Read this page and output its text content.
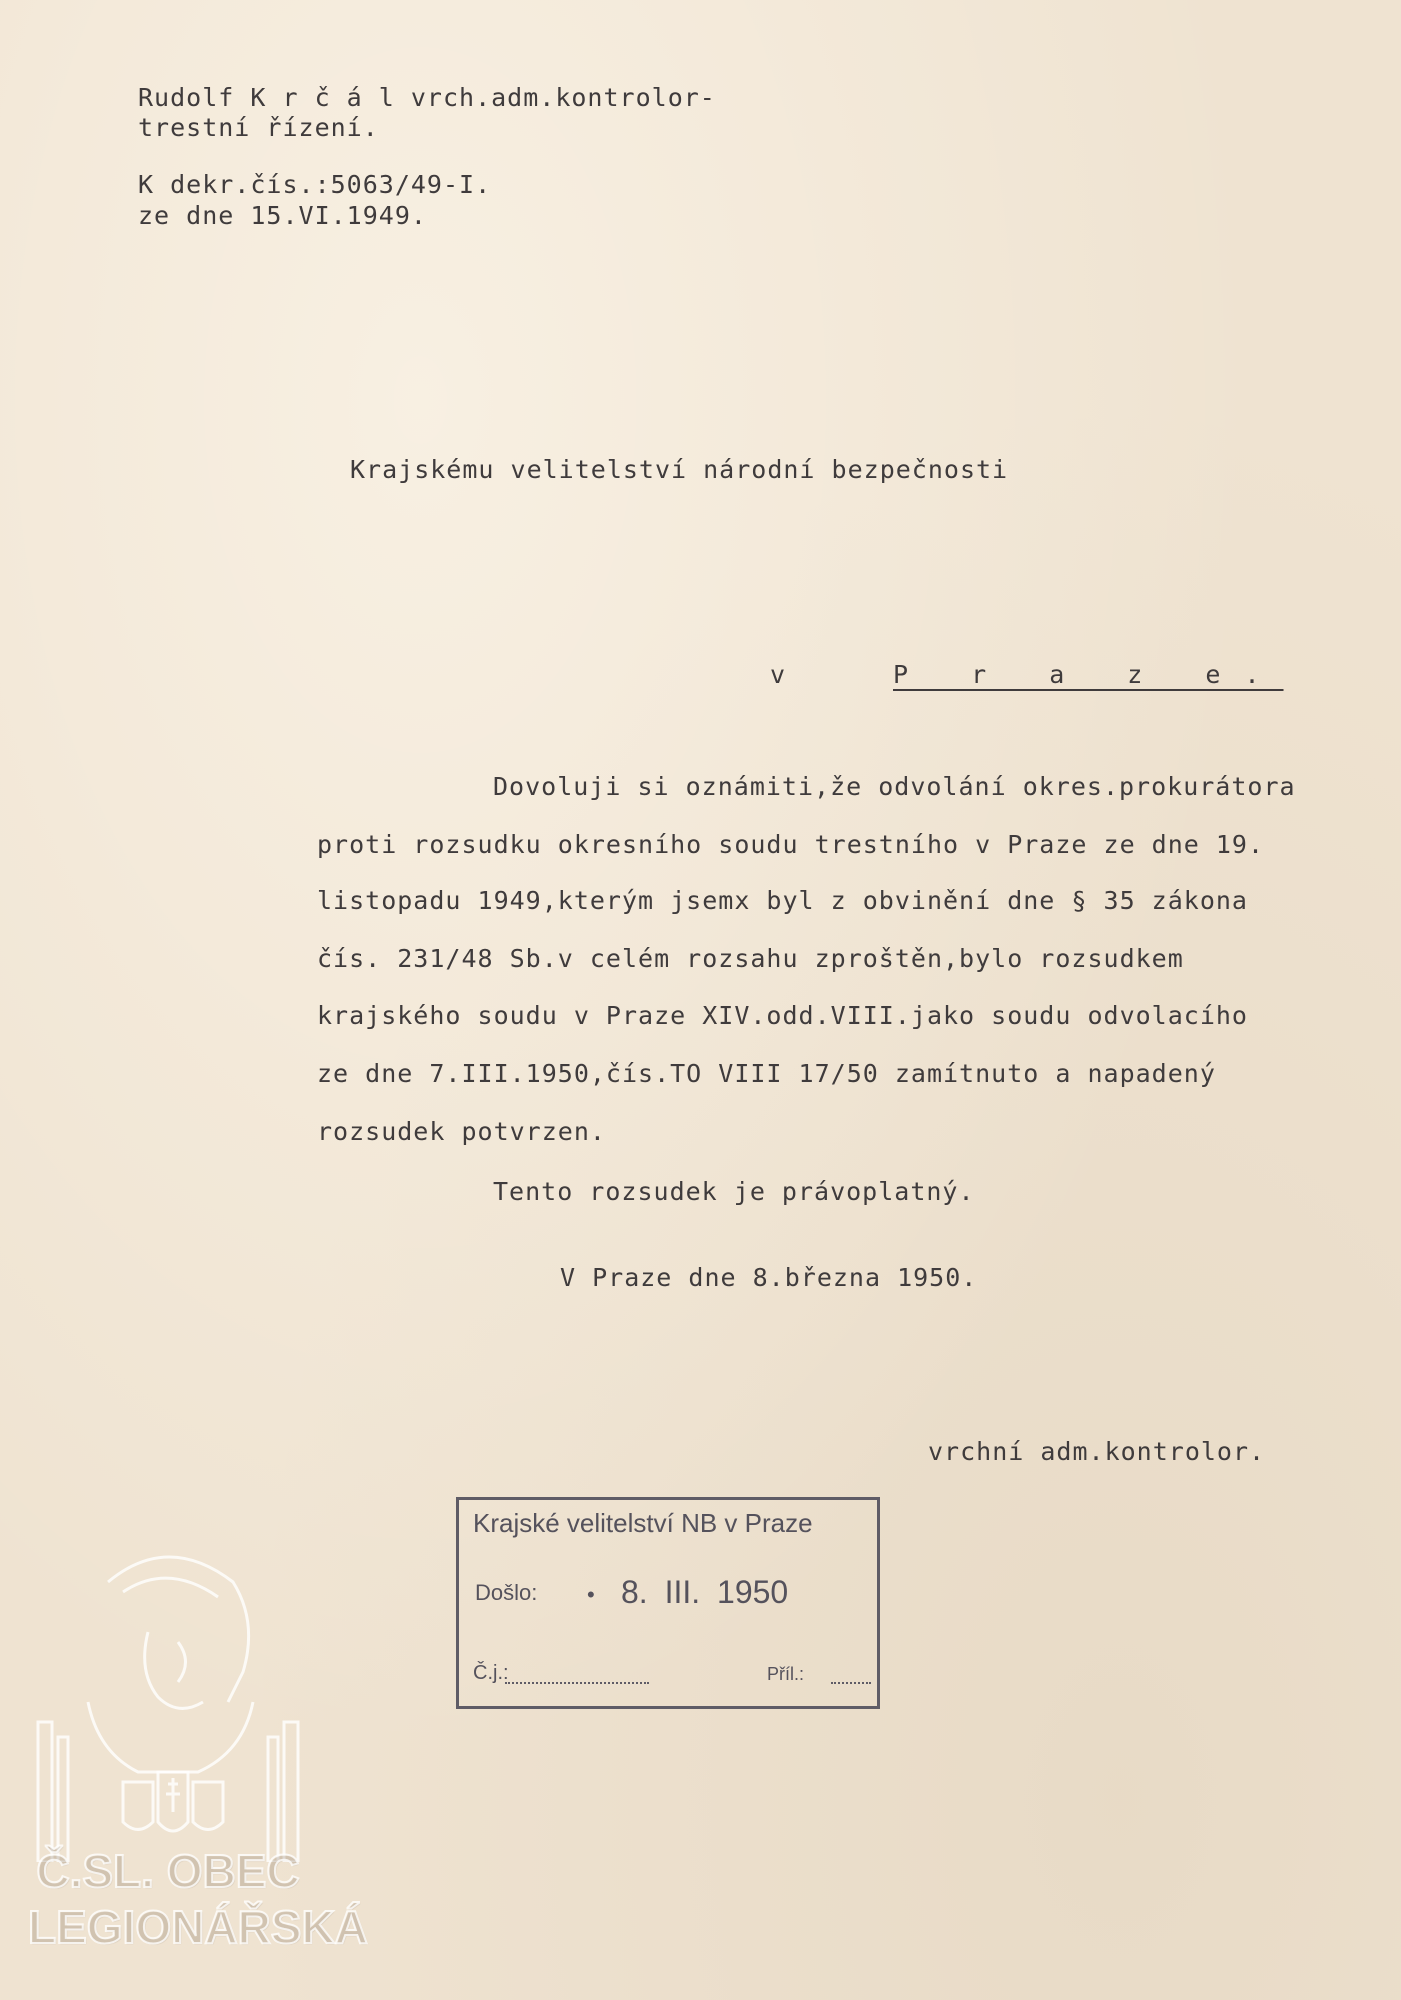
Rudolf K r č á l vrch.adm.kontrolor-
trestní řízení.
K dekr.čís.:5063/49-I.
ze dne 15.VI.1949.
Krajskému velitelství národní bezpečnosti
v	P r a z e.
Dovoluji si oznámiti,že odvolání okres.prokurátora
proti rozsudku okresního soudu trestního v Praze ze dne 19.
listopadu 1949,kterým jsemx byl z obvinění dne § 35 zákona
čís. 231/48 Sb.v celém rozsahu zproštěn,bylo rozsudkem
krajského soudu v Praze XIV.odd.VIII.jako soudu odvolacího
ze dne 7.III.1950,čís.TO VIII 17/50 zamítnuto a napadený
rozsudek potvrzen.
Tento rozsudek je právoplatný.
V Praze dne 8.března 1950.
vrchní adm.kontrolor.
Krajské velitelství NB v Praze
Došlo: • 8. III. 1950
Č.j.:	Příl.:
Č.SL. OBEC
LEGIONÁŘSKÁ
